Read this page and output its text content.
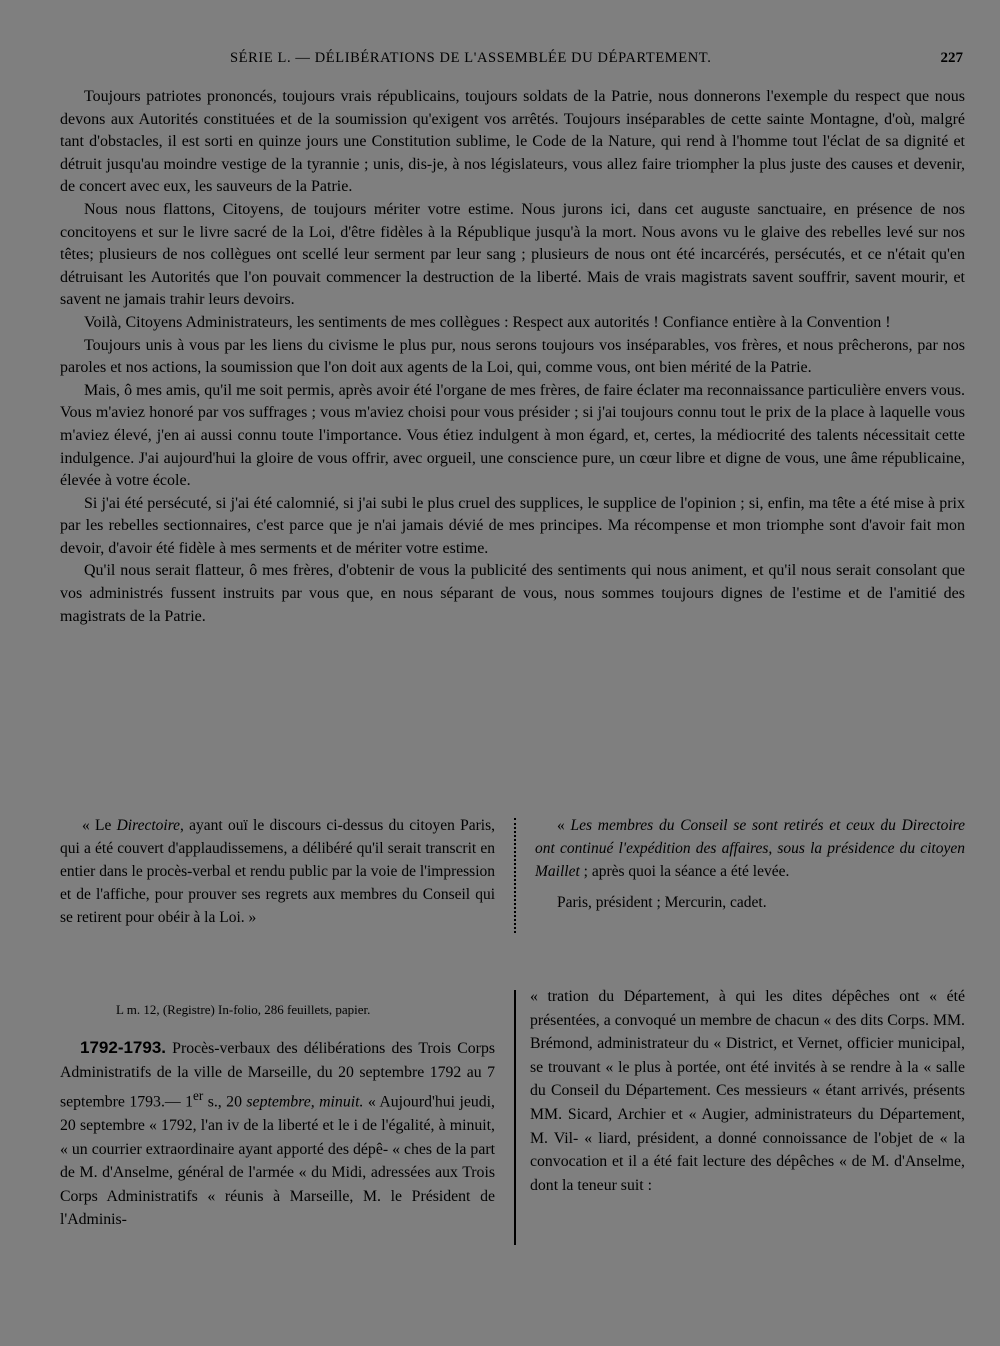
SÉRIE L. — DÉLIBÉRATIONS DE L'ASSEMBLÉE DU DÉPARTEMENT.	227

Toujours patriotes prononcés, toujours vrais républicains, toujours soldats de la Patrie, nous donnerons l'exemple du respect que nous devons aux Autorités constituées et de la soumission qu'exigent vos arrêtés. Toujours inséparables de cette sainte Montagne, d'où, malgré tant d'obstacles, il est sorti en quinze jours une Constitution sublime, le Code de la Nature, qui rend à l'homme tout l'éclat de sa dignité et détruit jusqu'au moindre vestige de la tyrannie ; unis, dis-je, à nos législateurs, vous allez faire triompher la plus juste des causes et devenir, de concert avec eux, les sauveurs de la Patrie.

Nous nous flattons, Citoyens, de toujours mériter votre estime. Nous jurons ici, dans cet auguste sanctuaire, en présence de nos concitoyens et sur le livre sacré de la Loi, d'être fidèles à la République jusqu'à la mort. Nous avons vu le glaive des rebelles levé sur nos têtes; plusieurs de nos collègues ont scellé leur serment par leur sang ; plusieurs de nous ont été incarcérés, persécutés, et ce n'était qu'en détruisant les Autorités que l'on pouvait commencer la destruction de la liberté. Mais de vrais magistrats savent souffrir, savent mourir, et savent ne jamais trahir leurs devoirs.

Voilà, Citoyens Administrateurs, les sentiments de mes collègues : Respect aux autorités ! Confiance entière à la Convention !

Toujours unis à vous par les liens du civisme le plus pur, nous serons toujours vos inséparables, vos frères, et nous prêcherons, par nos paroles et nos actions, la soumission que l'on doit aux agents de la Loi, qui, comme vous, ont bien mérité de la Patrie.

Mais, ô mes amis, qu'il me soit permis, après avoir été l'organe de mes frères, de faire éclater ma reconnaissance particulière envers vous. Vous m'aviez honoré par vos suffrages ; vous m'aviez choisi pour vous présider ; si j'ai toujours connu tout le prix de la place à laquelle vous m'aviez élevé, j'en ai aussi connu toute l'importance. Vous étiez indulgent à mon égard, et, certes, la médiocrité des talents nécessitait cette indulgence. J'ai aujourd'hui la gloire de vous offrir, avec orgueil, une conscience pure, un cœur libre et digne de vous, une âme républicaine, élevée à votre école.

Si j'ai été persécuté, si j'ai été calomnié, si j'ai subi le plus cruel des supplices, le supplice de l'opinion ; si, enfin, ma tête a été mise à prix par les rebelles sectionnaires, c'est parce que je n'ai jamais dévié de mes principes. Ma récompense et mon triomphe sont d'avoir fait mon devoir, d'avoir été fidèle à mes serments et de mériter votre estime.

Qu'il nous serait flatteur, ô mes frères, d'obtenir de vous la publicité des sentiments qui nous animent, et qu'il nous serait consolant que vos administrés fussent instruits par vous que, en nous séparant de vous, nous sommes toujours dignes de l'estime et de l'amitié des magistrats de la Patrie.

« Le Directoire, ayant ouï le discours ci-dessus du citoyen Paris, qui a été couvert d'applaudissemens, a délibéré qu'il serait transcrit en entier dans le procès-verbal et rendu public par la voie de l'impression et de l'affiche, pour prouver ses regrets aux membres du Conseil qui se retirent pour obéir à la Loi. »

« Les membres du Conseil se sont retirés et ceux du Directoire ont continué l'expédition des affaires, sous la présidence du citoyen Maillet ; après quoi la séance a été levée.

Paris, président ; Mercurin, cadet.

L m. 12, (Registre) In-folio, 286 feuillets, papier.

1792-1793. Procès-verbaux des délibérations des Trois Corps Administratifs de la ville de Marseille, du 20 septembre 1792 au 7 septembre 1793.— 1er s., 20 septembre, minuit. « Aujourd'hui jeudi, 20 septembre « 1792, l'an iv de la liberté et le i de l'égalité, à minuit, « un courrier extraordinaire ayant apporté des dépê- « ches de la part de M. d'Anselme, général de l'armée « du Midi, adressées aux Trois Corps Administratifs « réunis à Marseille, M. le Président de l'Adminis-

« tration du Département, à qui les dites dépêches ont « été présentées, a convoqué un membre de chacun « des dits Corps. MM. Brémond, administrateur du « District, et Vernet, officier municipal, se trouvant « le plus à portée, ont été invités à se rendre à la « salle du Conseil du Département. Ces messieurs « étant arrivés, présents MM. Sicard, Archier et « Augier, administrateurs du Département, M. Vil- « liard, président, a donné connoissance de l'objet de « la convocation et il a été fait lecture des dépêches « de M. d'Anselme, dont la teneur suit :
